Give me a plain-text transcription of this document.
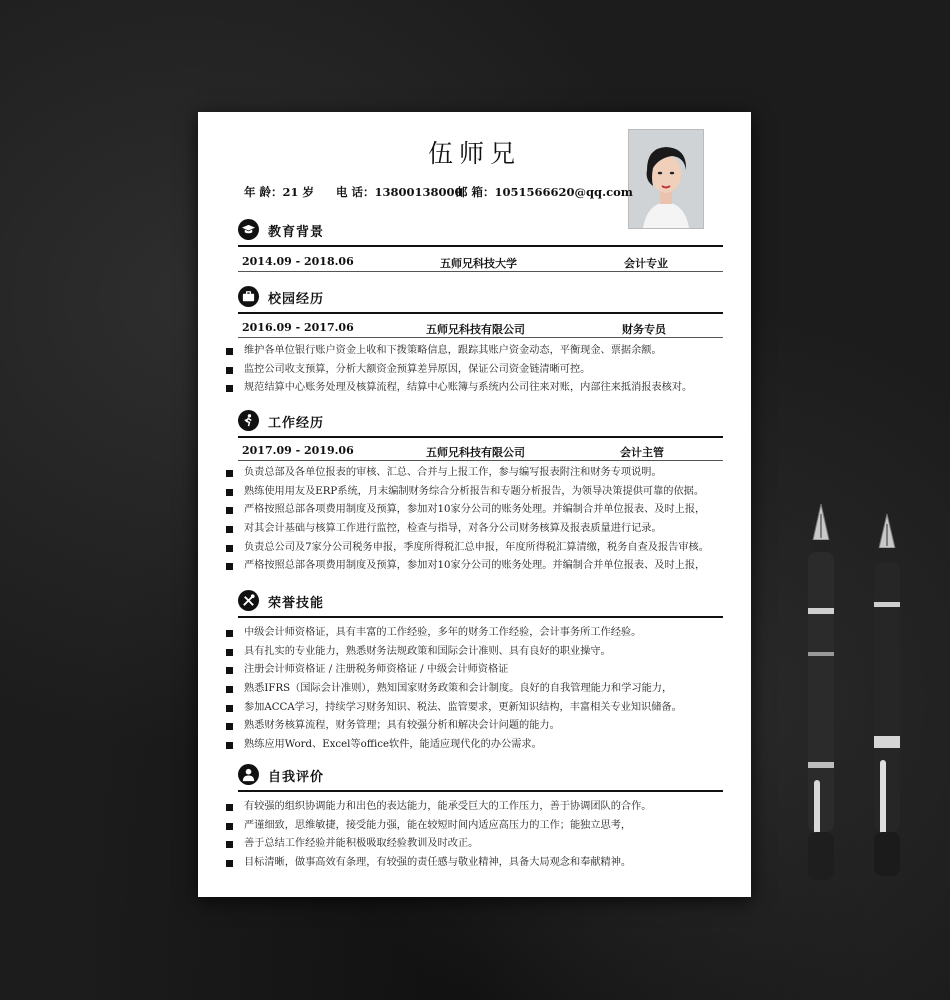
伍师兄
年 龄：21 岁 电 话：13800138000
邮 箱：1051566620@qq.com
教育背景
2014.09 - 2018.06	五师兄科技大学	会计专业
校园经历
2016.09 - 2017.06	五师兄科技有限公司	财务专员
维护各单位银行账户资金上收和下拨策略信息，跟踪其账户资金动态，平衡现金、票据余额。
监控公司收支预算，分析大额资金预算差异原因，保证公司资金链清晰可控。
规范结算中心账务处理及核算流程，结算中心账簿与系统内公司往来对账，内部往来抵消报表核对。
工作经历
2017.09 - 2019.06	五师兄科技有限公司	会计主管
负责总部及各单位报表的审核、汇总、合并与上报工作，参与编写报表附注和财务专项说明。
熟练使用用友及ERP系统，月末编制财务综合分析报告和专题分析报告，为领导决策提供可靠的依据。
严格按照总部各项费用制度及预算，参加对10家分公司的账务处理。并编制合并单位报表、及时上报，
对其会计基础与核算工作进行监控，检查与指导，对各分公司财务核算及报表质量进行记录。
负责总公司及7家分公司税务申报，季度所得税汇总申报，年度所得税汇算清缴，税务自查及报告审核。
严格按照总部各项费用制度及预算，参加对10家分公司的账务处理。并编制合并单位报表、及时上报，
荣誉技能
中级会计师资格证，具有丰富的工作经验，多年的财务工作经验，会计事务所工作经验。
具有扎实的专业能力，熟悉财务法规政策和国际会计准则、具有良好的职业操守。
注册会计师资格证 / 注册税务师资格证 / 中级会计师资格证
熟悉IFRS（国际会计准则），熟知国家财务政策和会计制度。良好的自我管理能力和学习能力，
参加ACCA学习，持续学习财务知识、税法、监管要求，更新知识结构，丰富相关专业知识储备。
熟悉财务核算流程，财务管理；具有较强分析和解决会计问题的能力。
熟练应用Word、Excel等office软件，能适应现代化的办公需求。
自我评价
有较强的组织协调能力和出色的表达能力，能承受巨大的工作压力，善于协调团队的合作。
严谨细致，思维敏捷，接受能力强，能在较短时间内适应高压力的工作；能独立思考，
善于总结工作经验并能积极吸取经验教训及时改正。
目标清晰，做事高效有条理，有较强的责任感与敬业精神，具备大局观念和奉献精神。
